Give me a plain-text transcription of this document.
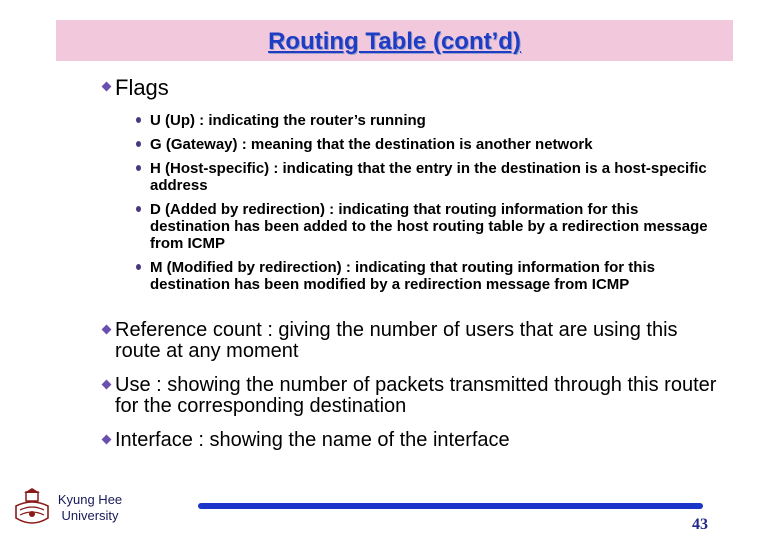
Routing Table (cont’d)
Flags
U (Up) : indicating the router’s running
G (Gateway) : meaning that the destination is another network
H (Host-specific) : indicating that the entry in the destination is a host-specific address
D (Added by redirection) : indicating that routing information for this destination has been added to the host routing table by a redirection message from ICMP
M (Modified by redirection) : indicating that routing information for this destination has been modified by a redirection message from ICMP
Reference count : giving the number of users that are using this route at any moment
Use : showing the number of packets transmitted through this router for the corresponding destination
Interface : showing the name of the interface
Kyung Hee University
43
